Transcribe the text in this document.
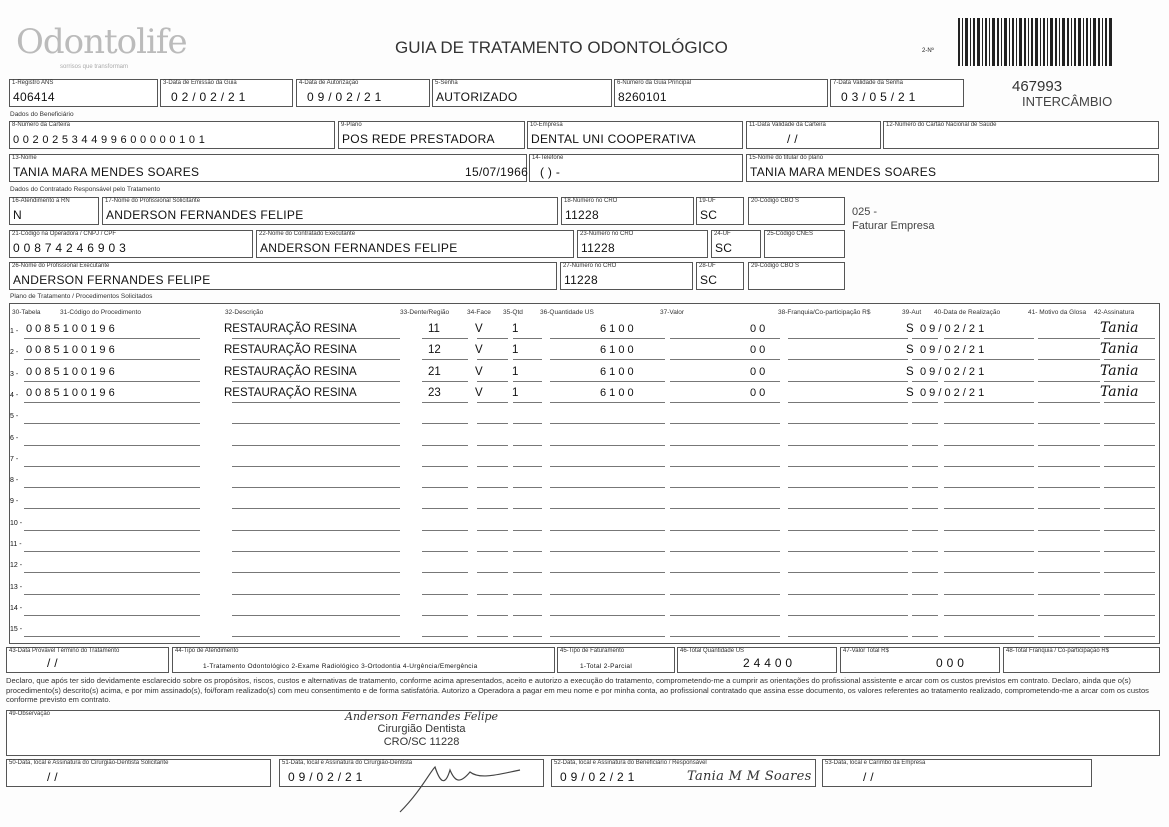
Odontolife
sorrisos que transformam
GUIA DE TRATAMENTO ODONTOLÓGICO	2-Nº
467993
INTERCÂMBIO
1-Registro ANS
406414
3-Data de Emissão da Guia
0 2 / 0 2 / 2 1
4-Data de Autorização
0 9 / 0 2 / 2 1
5-Senha
AUTORIZADO
6-Número da Guia Principal
8260101
7-Data Validade da Senha
0 3 / 0 5 / 2 1
Dados do Beneficiário
8-Número da Carteira
0 0 2 0 2 5 3 4 4 9 9 6 0 0 0 0 0 1 0 1
9-Plano
POS REDE PRESTADORA
10-Empresa
DENTAL UNI COOPERATIVA
11-Data Validade da Carteira
/ /
12-Número do Cartão Nacional de Saúde
13-Nome
TANIA MARA MENDES SOARES	15/07/1966
14-Telefone
( ) -
15-Nome do titular do plano
TANIA MARA MENDES SOARES
Dados do Contratado Responsável pelo Tratamento
16-Atendimento a RN
N
17-Nome do Profissional Solicitante
ANDERSON FERNANDES FELIPE
18-Número no CRO
11228
19-UF
SC
20-Código CBO S
025 -
Faturar Empresa
21-Código na Operadora / CNPJ / CPF
0 0 8 7 4 2 4 6 9 0 3
22-Nome do Contratado Executante
ANDERSON FERNANDES FELIPE
23-Número no CRO
11228
24-UF
SC
25-Código CNES
26-Nome do Profissional Executante
ANDERSON FERNANDES FELIPE
27-Número no CRO
11228
28-UF
SC
29-Código CBO S
Plano de Tratamento / Procedimentos Solicitados
30-Tabela	31-Código do Procedimento	32-Descrição	33-Dente/Região	34-Face 35-Qtd	36-Quantidade US	37-Valor	38-Franquia/Co-participação R$	39-Aut 40-Data de Realização	41- Motivo da Glosa 42-Assinatura
1 - 0 0 8 5 1 0 0 1 9 6	RESTAURAÇÃO RESINA	11	V	1	6 1 0 0	0 0	S 0 9 / 0 2 / 2 1	Tania
2 - 0 0 8 5 1 0 0 1 9 6	RESTAURAÇÃO RESINA	12	V	1	6 1 0 0	0 0	S 0 9 / 0 2 / 2 1	Tania
3 - 0 0 8 5 1 0 0 1 9 6	RESTAURAÇÃO RESINA	21	V	1	6 1 0 0	0 0	S 0 9 / 0 2 / 2 1	Tania
4 - 0 0 8 5 1 0 0 1 9 6	RESTAURAÇÃO RESINA	23	V	1	6 1 0 0	0 0	S 0 9 / 0 2 / 2 1	Tania
5 -
6 -
7 -
8 -
9 -
10 -
11 -
12 -
13 -
14 -
15 -
43-Data Provável Término do Tratamento
/ /
44-Tipo de Atendimento
1-Tratamento Odontológico 2-Exame Radiológico 3-Ortodontia 4-Urgência/Emergência
45-Tipo de Faturamento
1-Total 2-Parcial
46-Total Quantidade US
2 4 4 0 0
47-Valor Total R$
0 0 0
48-Total Franquia / Co-participação R$
Declaro, que após ter sido devidamente esclarecido sobre os propósitos, riscos, custos e alternativas de tratamento, conforme acima apresentados, aceito e autorizo a execução do tratamento, comprometendo-me a cumprir as orientações do profissional assistente e arcar com os custos previstos em contrato. Declaro, ainda que o(s) procedimento(s) descrito(s) acima, e por mim assinado(s), foi/foram realizado(s) com meu consentimento e de forma satisfatória. Autorizo a Operadora a pagar em meu nome e por minha conta, ao profissional contratado que assina esse documento, os valores referentes ao tratamento realizado, comprometendo-me a arcar com os custos conforme previsto em contrato.
49-Observação	Anderson Fernandes Felipe
Cirurgião Dentista
CRO/SC 11228
50-Data, local e Assinatura do Cirurgião-Dentista Solicitante
/ /
51-Data, local e Assinatura do Cirurgião-Dentista
0 9 / 0 2 / 2 1
52-Data, local e Assinatura do Beneficiário / Responsável
0 9 / 0 2 / 2 1	Tania M M Soares
53-Data, local e Carimbo da Empresa
/ /
